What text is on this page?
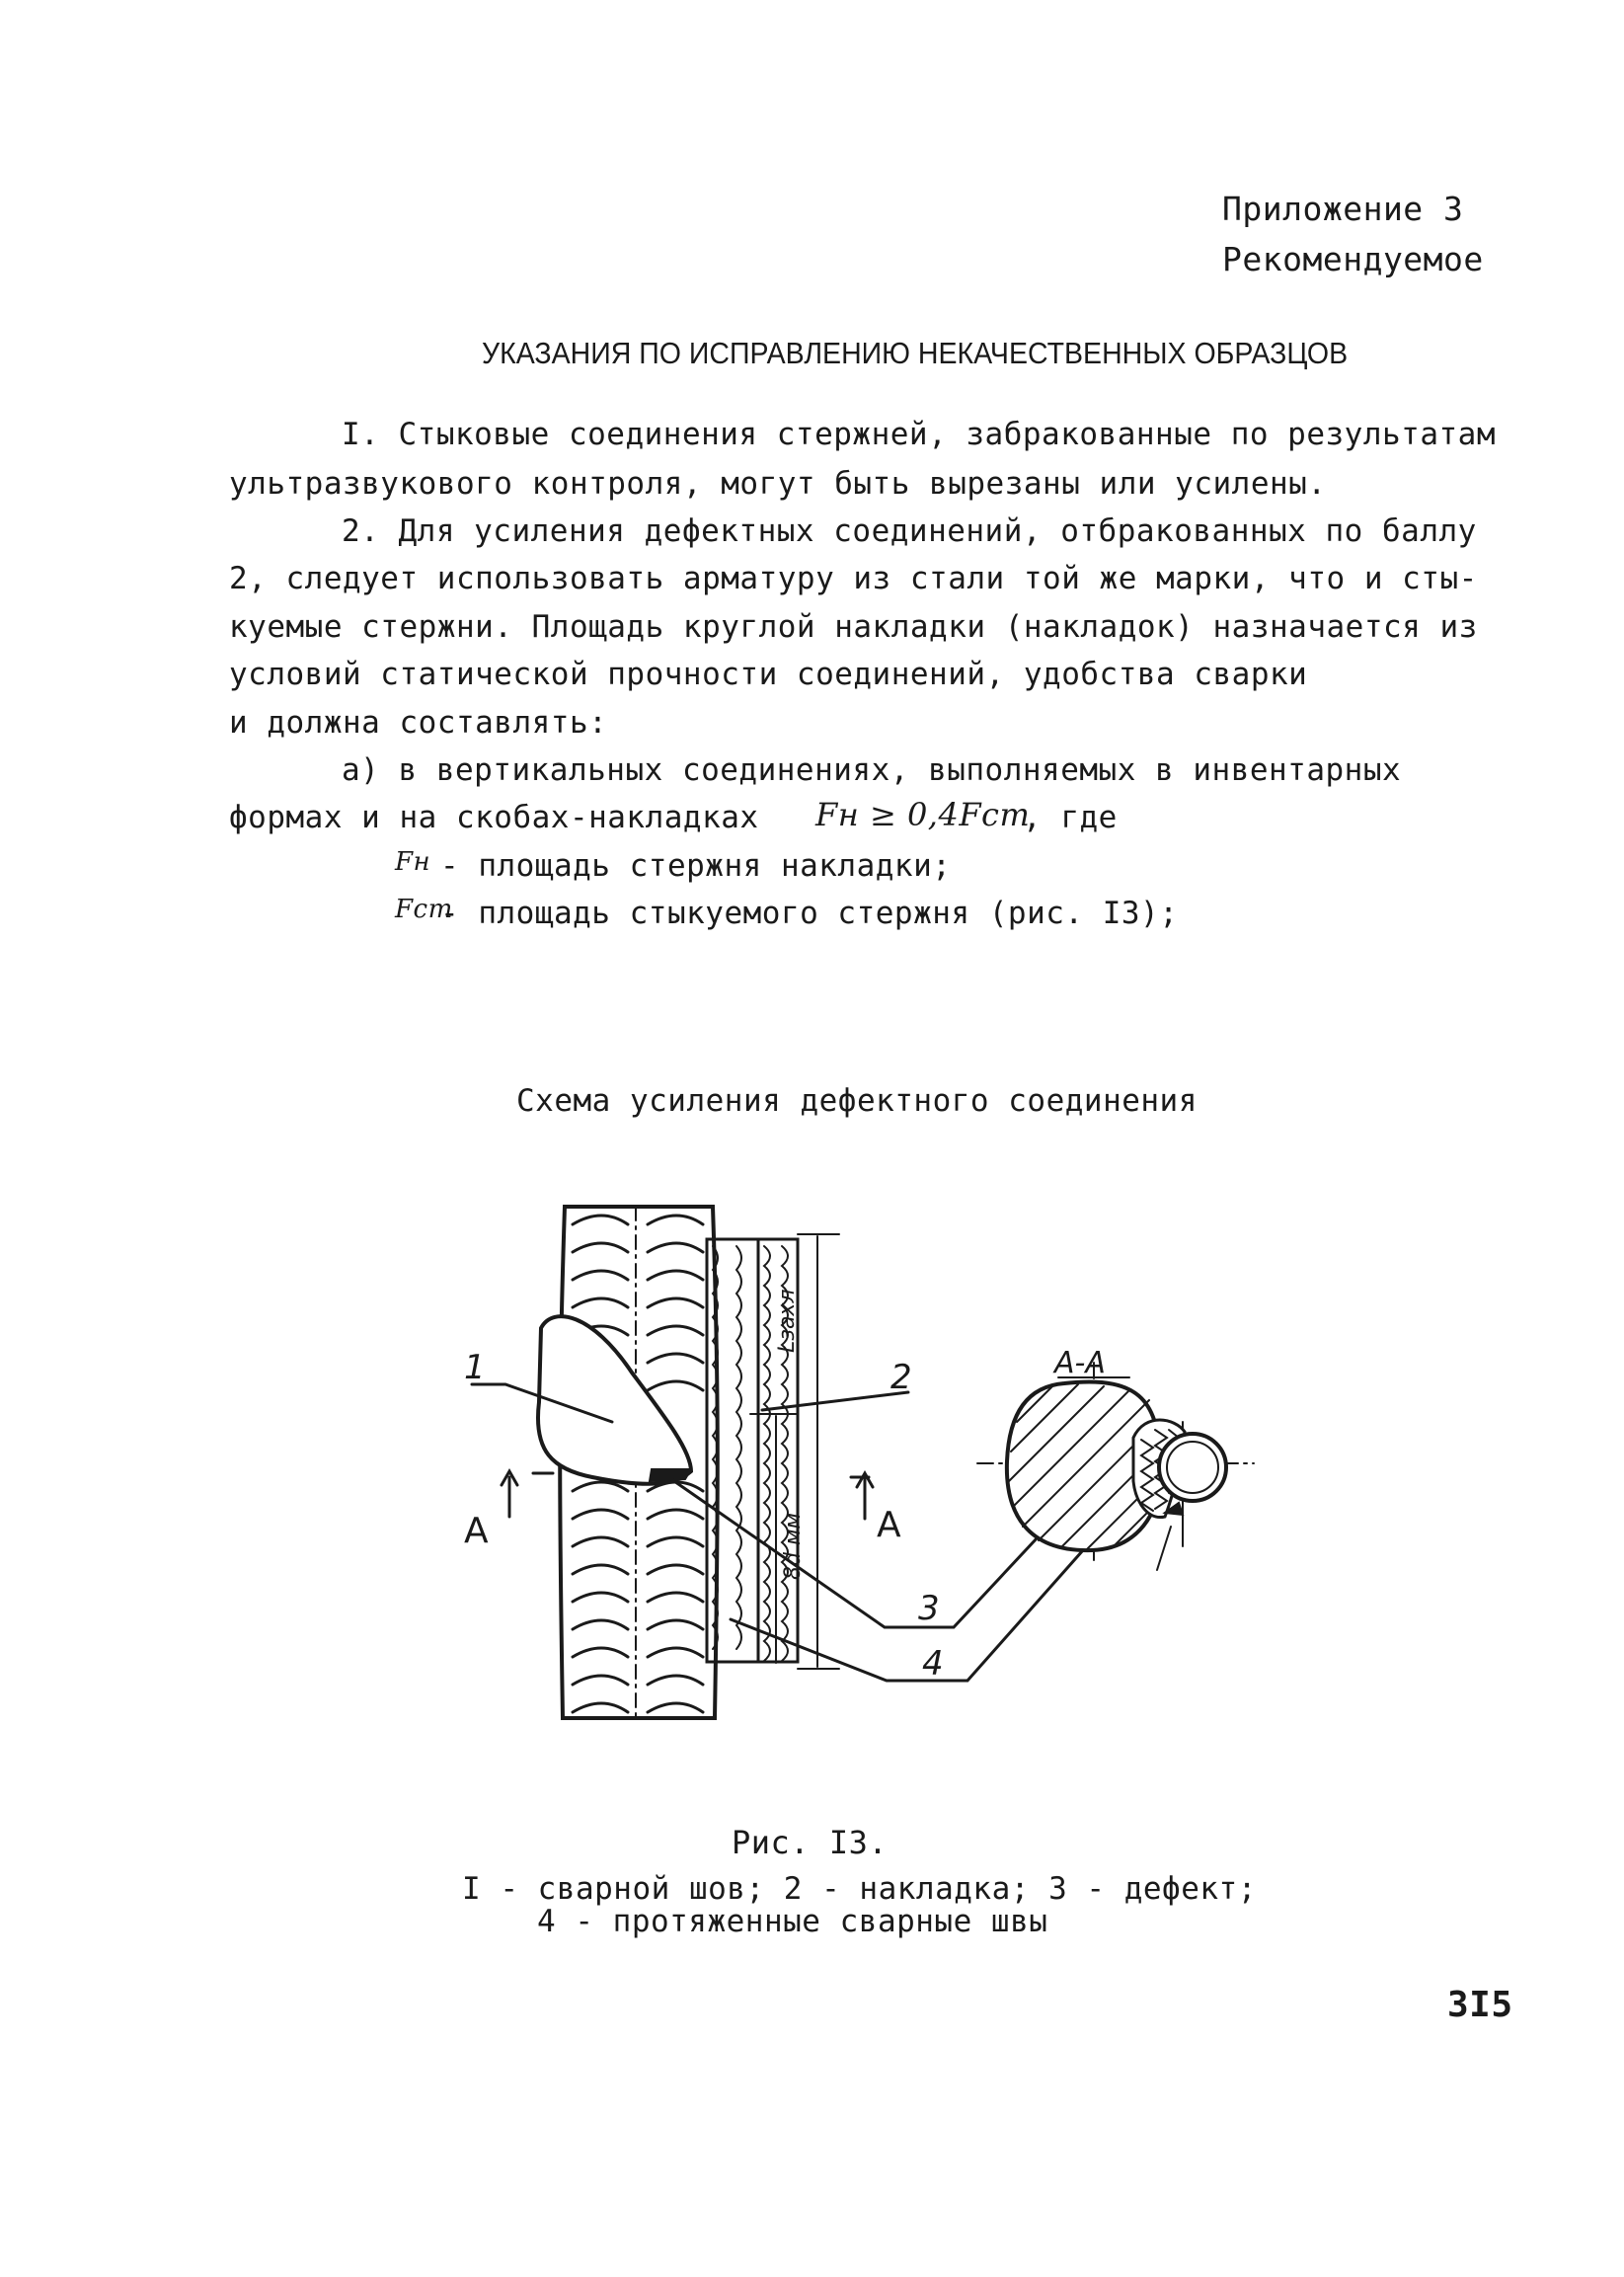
Приложение 3
Рекомендуемое
УКАЗАНИЯ ПО ИСПРАВЛЕНИЮ НЕКАЧЕСТВЕННЫХ ОБРАЗЦОВ
I. Стыковые соединения стержней, забракованные по результатам
ультразвукового контроля, могут быть вырезаны или усилены.
2. Для усиления дефектных соединений, отбракованных по баллу
2, следует использовать арматуру из стали той же марки, что и сты-
куемые стержни. Площадь круглой накладки (накладок) назначается из
условий статической прочности соединений, удобства сварки
и должна составлять:
а) в вертикальных соединениях, выполняемых в инвентарных
формах и на скобах-накладках Fн ≥ 0,4Fст
, где
Fн - площадь стержня накладки;
Fст
- площадь стыкуемого стержня (рис. I3);
Схема усиления дефектного соединения
1	2
3
4
A	A
A-A
Lзахл
8d мм
Рис. I3.
I - сварной шов; 2 - накладка; 3 - дефект;
4 - протяженные сварные швы
3I5
